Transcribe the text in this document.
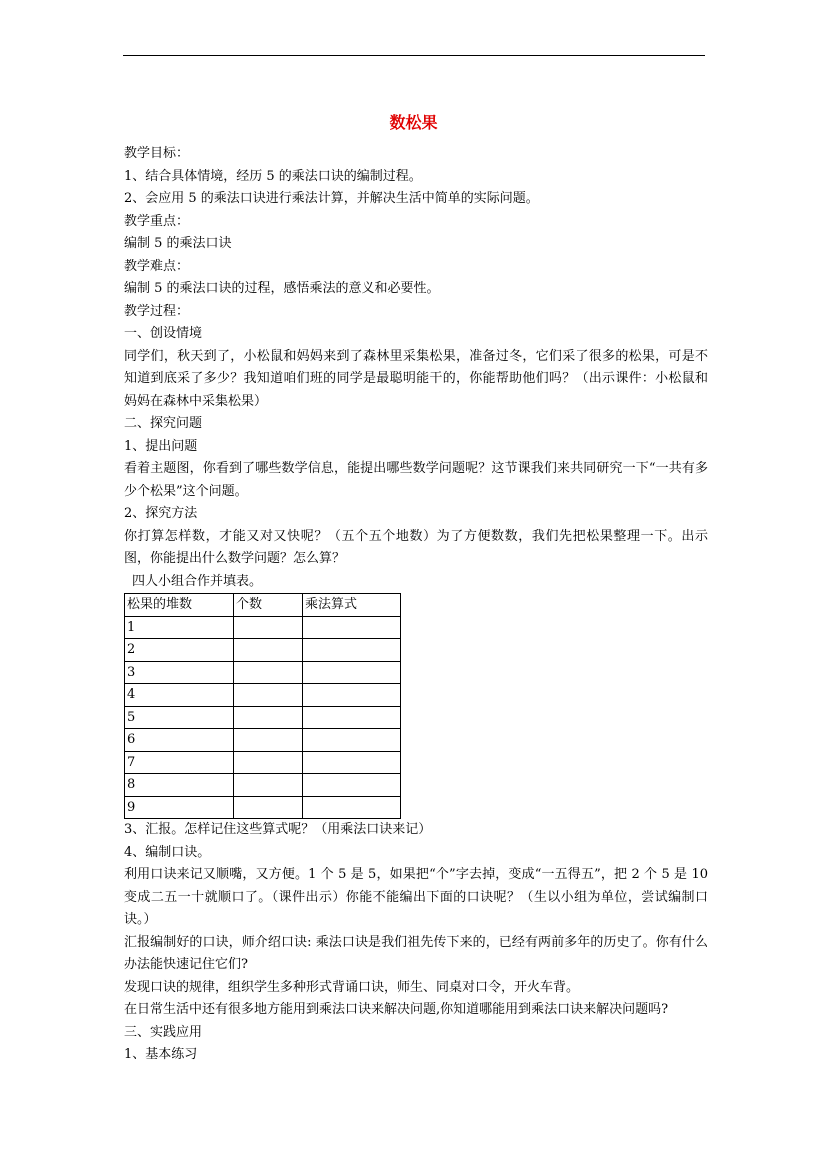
数松果

教学目标：

1、结合具体情境，经历 5 的乘法口诀的编制过程。

2、会应用 5 的乘法口诀进行乘法计算，并解决生活中简单的实际问题。

教学重点：

编制 5 的乘法口诀

教学难点：

编制 5 的乘法口诀的过程，感悟乘法的意义和必要性。

教学过程：

一、创设情境

同学们，秋天到了，小松鼠和妈妈来到了森林里采集松果，准备过冬，它们采了很多的松果，可是不知道到底采了多少？我知道咱们班的同学是最聪明能干的，你能帮助他们吗？（出示课件：小松鼠和妈妈在森林中采集松果）

二、探究问题

1、提出问题

看着主题图，你看到了哪些数学信息，能提出哪些数学问题呢？这节课我们来共同研究一下“一共有多少个松果”这个问题。

2、探究方法

你打算怎样数，才能又对又快呢？（五个五个地数）为了方便数数，我们先把松果整理一下。出示图，你能提出什么数学问题？怎么算？

四人小组合作并填表。

松果的堆数	个数	乘法算式
1		
2		
3		
4		
5		
6		
7		
8		
9		

3、汇报。怎样记住这些算式呢？（用乘法口诀来记）

4、编制口诀。

利用口诀来记又顺嘴，又方便。1 个 5 是 5，如果把“个”字去掉，变成“一五得五”，把 2 个 5 是 10 变成二五一十就顺口了。（课件出示）你能不能编出下面的口诀呢？（生以小组为单位，尝试编制口诀。）

汇报编制好的口诀，师介绍口诀: 乘法口诀是我们祖先传下来的，已经有两前多年的历史了。你有什么办法能快速记住它们?

发现口诀的规律，组织学生多种形式背诵口诀，师生、同桌对口令，开火车背。

在日常生活中还有很多地方能用到乘法口诀来解决问题,你知道哪能用到乘法口诀来解决问题吗?

三、实践应用

1、基本练习
